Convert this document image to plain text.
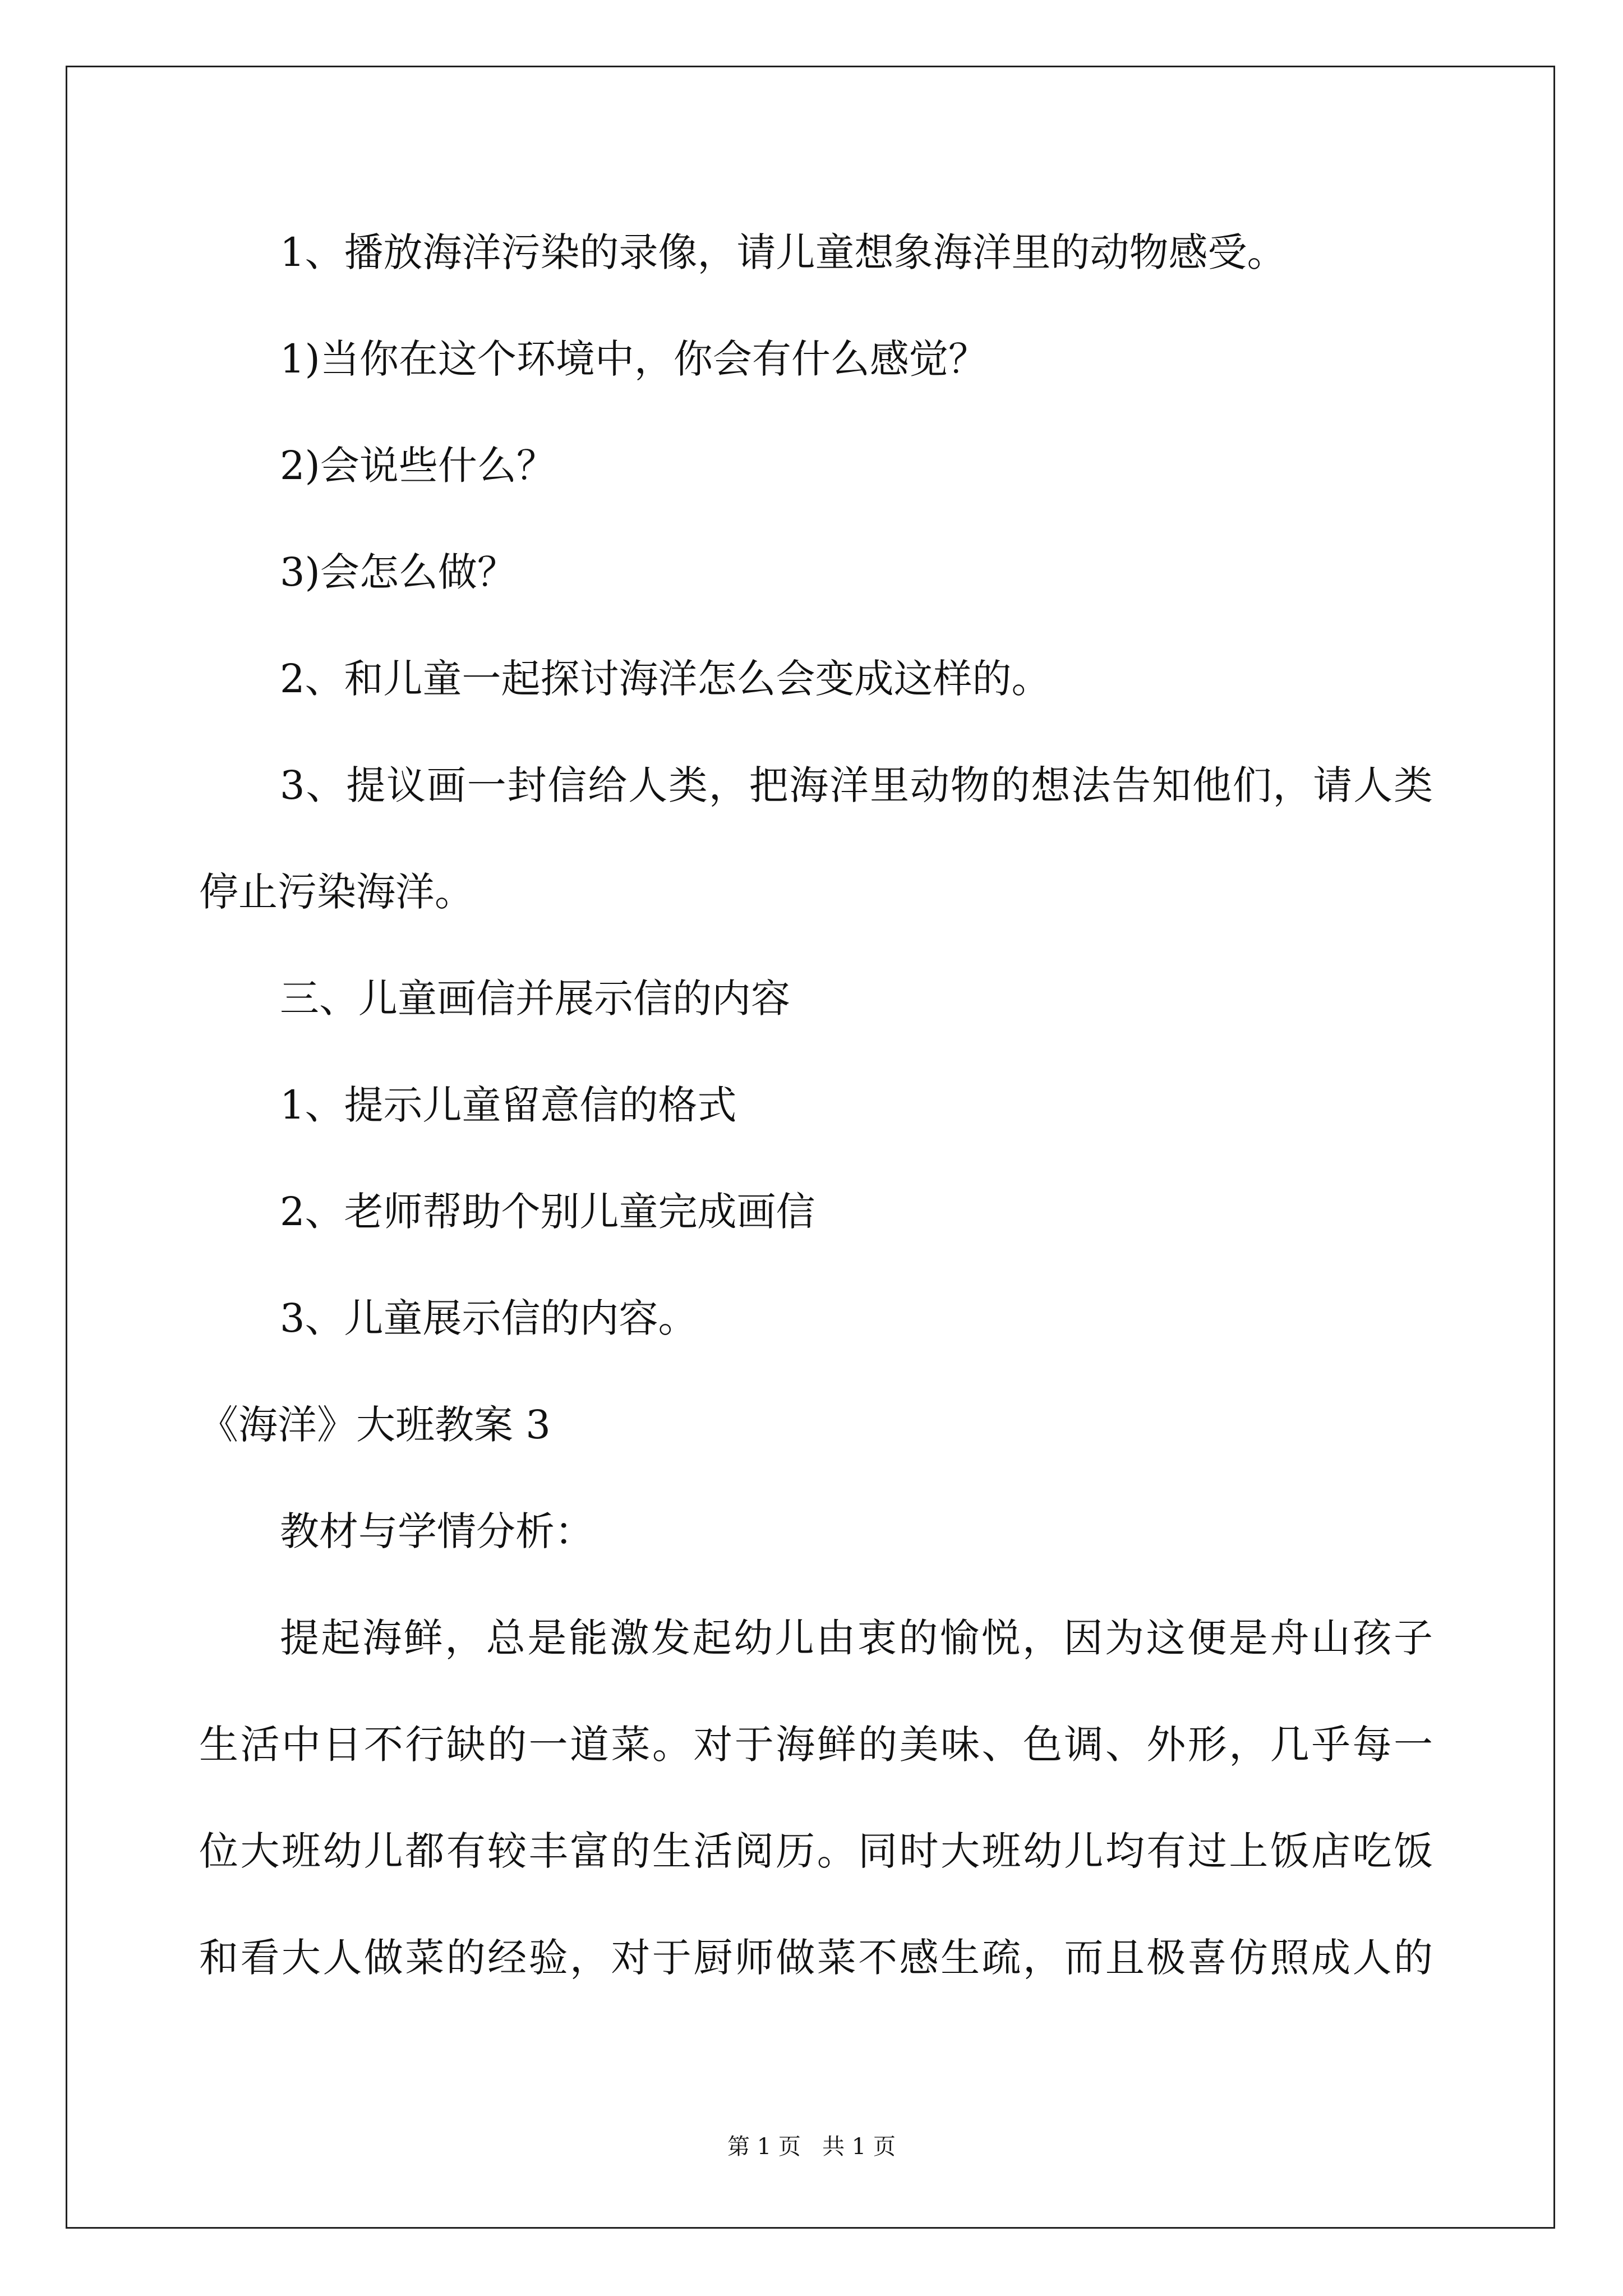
1、播放海洋污染的录像，请儿童想象海洋里的动物感受。
1)当你在这个环境中，你会有什么感觉？
2)会说些什么？
3)会怎么做？
2、和儿童一起探讨海洋怎么会变成这样的。
3、提议画一封信给人类，把海洋里动物的想法告知他们，请人类
停止污染海洋。
三、儿童画信并展示信的内容
1、提示儿童留意信的格式
2、老师帮助个别儿童完成画信
3、儿童展示信的内容。
《海洋》大班教案 3
教材与学情分析：
提起海鲜，总是能激发起幼儿由衷的愉悦，因为这便是舟山孩子
生活中日不行缺的一道菜。对于海鲜的美味、色调、外形，几乎每一
位大班幼儿都有较丰富的生活阅历。同时大班幼儿均有过上饭店吃饭
和看大人做菜的经验，对于厨师做菜不感生疏，而且极喜仿照成人的
第 1 页   共 1 页
